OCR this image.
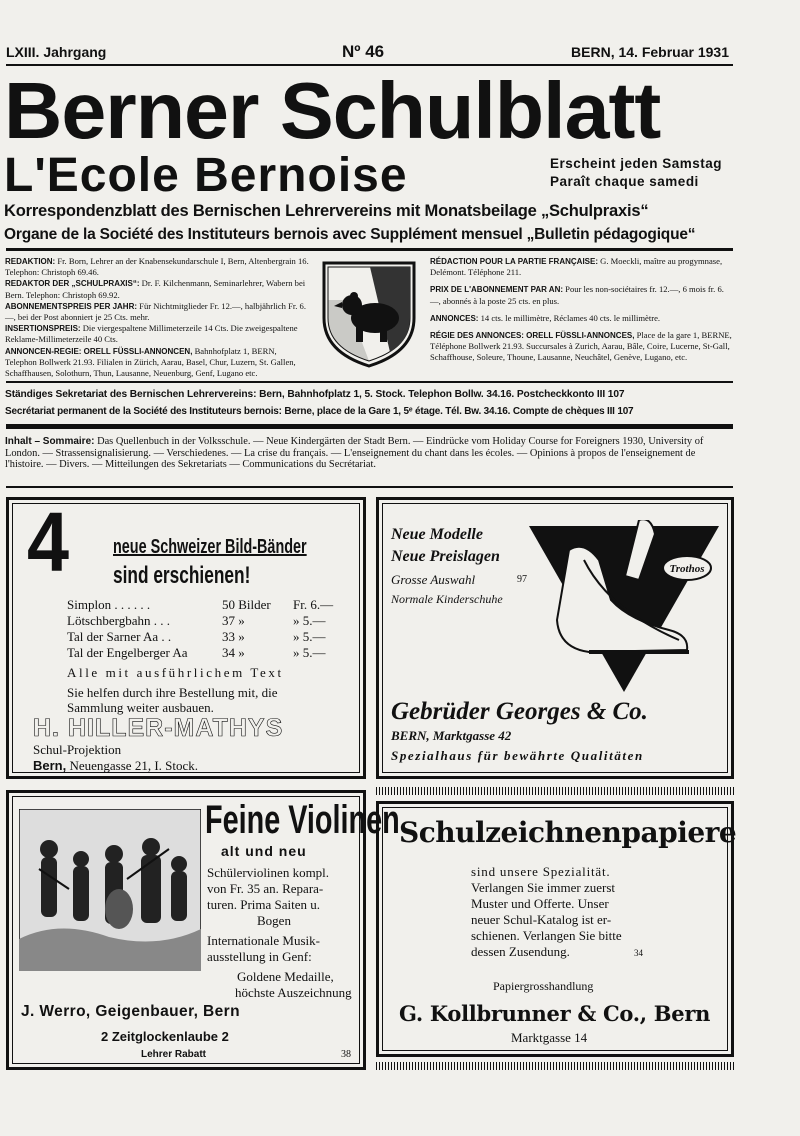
LXIII. Jahrgang	Nº 46	BERN, 14. Februar 1931
Berner Schulblatt
L'Ecole Bernoise	Erscheint jeden Samstag
Paraît chaque samedi
Korrespondenzblatt des Bernischen Lehrervereins mit Monatsbeilage „Schulpraxis“
Organe de la Société des Instituteurs bernois avec Supplément mensuel „Bulletin pédagogique“
REDAKTION: Fr. Born, Lehrer an der Knabensekundarschule I, Bern, Altenbergrain 16. Telephon: Christoph 69.46.
REDAKTOR DER „SCHULPRAXIS“: Dr. F. Kilchenmann, Seminarlehrer, Wabern bei Bern. Telephon: Christoph 69.92.
ABONNEMENTSPREIS PER JAHR: Für Nichtmitglieder Fr. 12.—, halbjährlich Fr. 6.—, bei der Post abonniert je 25 Cts. mehr.
INSERTIONSPREIS: Die viergespaltene Millimeterzeile 14 Cts. Die zweigespaltene Reklame-Millimeterzeile 40 Cts.
ANNONCEN-REGIE: ORELL FÜSSLI-ANNONCEN, Bahnhofplatz 1, BERN, Telephon Bollwerk 21.93. Filialen in Zürich, Aarau, Basel, Chur, Luzern, St. Gallen, Schaffhausen, Solothurn, Thun, Lausanne, Neuenburg, Genf, Lugano etc.
RÉDACTION POUR LA PARTIE FRANÇAISE: G. Moeckli, maître au progymnase, Delémont. Téléphone 211.
PRIX DE L'ABONNEMENT PAR AN: Pour les non-sociétaires fr. 12.—, 6 mois fr. 6.—, abonnés à la poste 25 cts. en plus.
ANNONCES: 14 cts. le millimètre, Réclames 40 cts. le millimètre.
RÉGIE DES ANNONCES: ORELL FÜSSLI-ANNONCES, Place de la gare 1, BERNE, Téléphone Bollwerk 21.93. Succursales à Zurich, Aarau, Bâle, Coire, Lucerne, St-Gall, Schaffhouse, Soleure, Thoune, Lausanne, Neuchâtel, Genève, Lugano, etc.
Ständiges Sekretariat des Bernischen Lehrervereins: Bern, Bahnhofplatz 1, 5. Stock. Telephon Bollw. 34.16. Postcheckkonto III 107
Secrétariat permanent de la Société des Instituteurs bernois: Berne, place de la Gare 1, 5ᵉ étage. Tél. Bw. 34.16. Compte de chèques III 107
Inhalt – Sommaire: Das Quellenbuch in der Volksschule. — Neue Kindergärten der Stadt Bern. — Eindrücke vom Holiday Course for Foreigners 1930, University of London. — Strassensignalisierung. — Verschiedenes. — La crise du français. — L'enseignement du chant dans les écoles. — Opinions à propos de l'enseignement de l'histoire. — Divers. — Mitteilungen des Sekretariats — Communications du Secrétariat.
4 neue Schweizer Bild-Bänder
sind erschienen!
Simplon . . . . . .	50 Bilder Fr. 6.—
Lötschbergbahn . . .	37 »	» 5.—
Tal der Sarner Aa . .	33 »	» 5.—
Tal der Engelberger Aa	34 »	» 5.—
Alle mit ausführlichem Text
Sie helfen durch ihre Bestellung mit, die
Sammlung weiter ausbauen.
H. HILLER-MATHYS
Schul-Projektion
Bern, Neuengasse 21, I. Stock.
Trothos
Neue Modelle
Neue Preislagen
Grosse Auswahl	97
Normale Kinderschuhe
Gebrüder Georges & Co.
BERN, Marktgasse 42
Spezialhaus für bewährte Qualitäten
Feine Violinen
alt und neu
Schülerviolinen kompl.
von Fr. 35 an. Repara-
turen. Prima Saiten u.
Bogen
Internationale Musik-
ausstellung in Genf:
Goldene Medaille,
höchste Auszeichnung
J. Werro, Geigenbauer, Bern
2 Zeitglockenlaube 2
Lehrer Rabatt	38
Schulzeichnenpapiere
sind unsere Spezialität.
Verlangen Sie immer zuerst
Muster und Offerte. Unser
neuer Schul-Katalog ist er-
schienen. Verlangen Sie bitte
dessen Zusendung.	34
Papiergrosshandlung
G. Kollbrunner & Co., Bern
Marktgasse 14
